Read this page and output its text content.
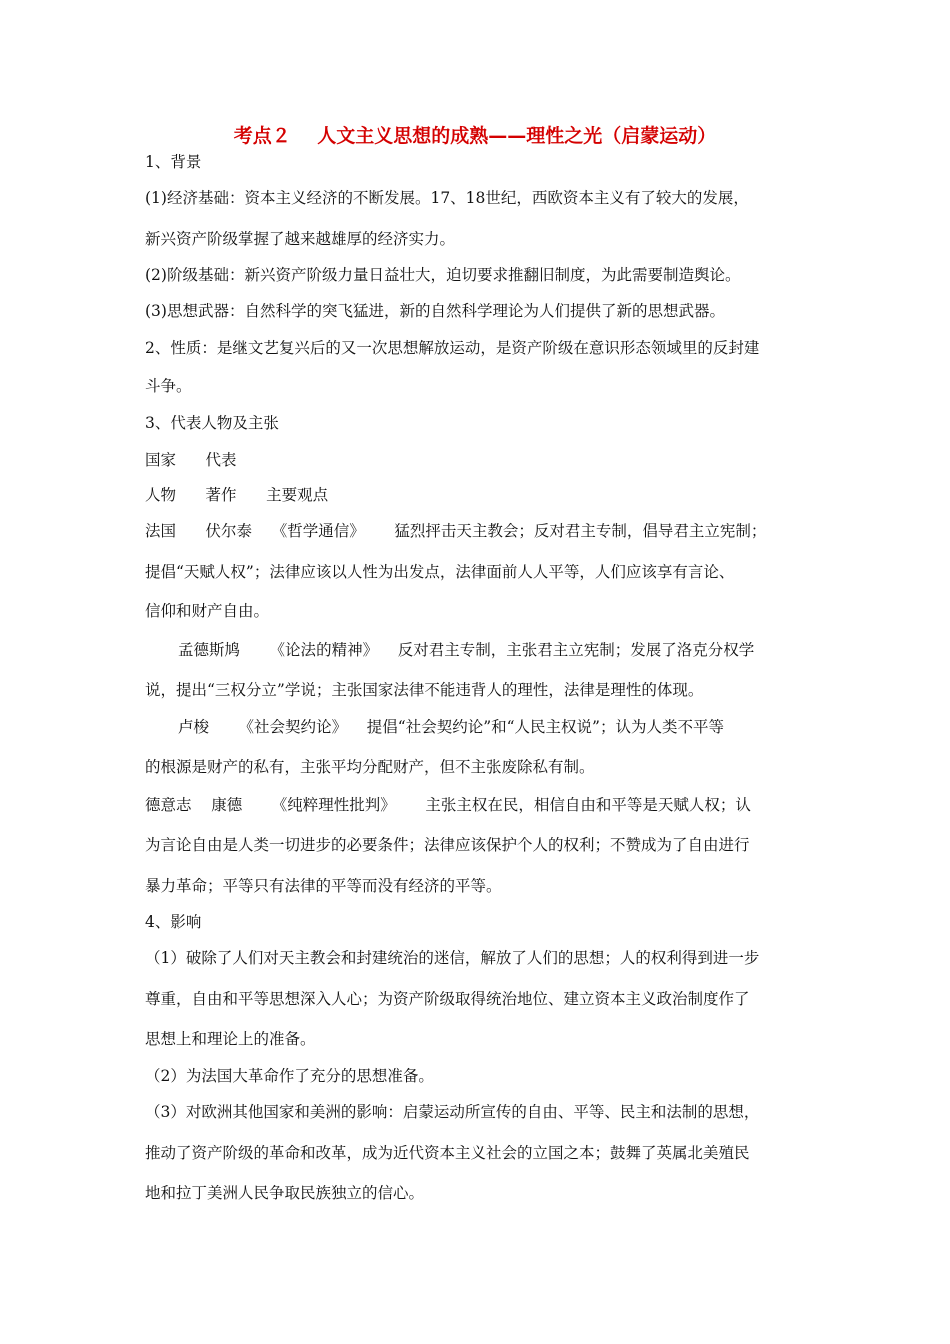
考点２    人文主义思想的成熟——理性之光（启蒙运动）
1、背景
(1)经济基础：资本主义经济的不断发展。17、18世纪，西欧资本主义有了较大的发展，
新兴资产阶级掌握了越来越雄厚的经济实力。
(2)阶级基础：新兴资产阶级力量日益壮大，迫切要求推翻旧制度，为此需要制造舆论。
(3)思想武器：自然科学的突飞猛进，新的自然科学理论为人们提供了新的思想武器。
2、性质：是继文艺复兴后的又一次思想解放运动，是资产阶级在意识形态领域里的反封建
斗争。
3、代表人物及主张
国家      代表
人物      著作      主要观点
法国      伏尔泰    《哲学通信》      猛烈抨击天主教会；反对君主专制，倡导君主立宪制；
提倡“天赋人权”；法律应该以人性为出发点，法律面前人人平等，人们应该享有言论、
信仰和财产自由。
孟德斯鸠      《论法的精神》    反对君主专制，主张君主立宪制；发展了洛克分权学
说，提出“三权分立”学说；主张国家法律不能违背人的理性，法律是理性的体现。
卢梭      《社会契约论》    提倡“社会契约论”和“人民主权说”；认为人类不平等
的根源是财产的私有，主张平均分配财产，但不主张废除私有制。
德意志    康德      《纯粹理性批判》      主张主权在民，相信自由和平等是天赋人权；认
为言论自由是人类一切进步的必要条件；法律应该保护个人的权利；不赞成为了自由进行
暴力革命；平等只有法律的平等而没有经济的平等。
4、影响
（1）破除了人们对天主教会和封建统治的迷信，解放了人们的思想；人的权利得到进一步
尊重，自由和平等思想深入人心；为资产阶级取得统治地位、建立资本主义政治制度作了
思想上和理论上的准备。
（2）为法国大革命作了充分的思想准备。
（3）对欧洲其他国家和美洲的影响：启蒙运动所宣传的自由、平等、民主和法制的思想，
推动了资产阶级的革命和改革，成为近代资本主义社会的立国之本；鼓舞了英属北美殖民
地和拉丁美洲人民争取民族独立的信心。
